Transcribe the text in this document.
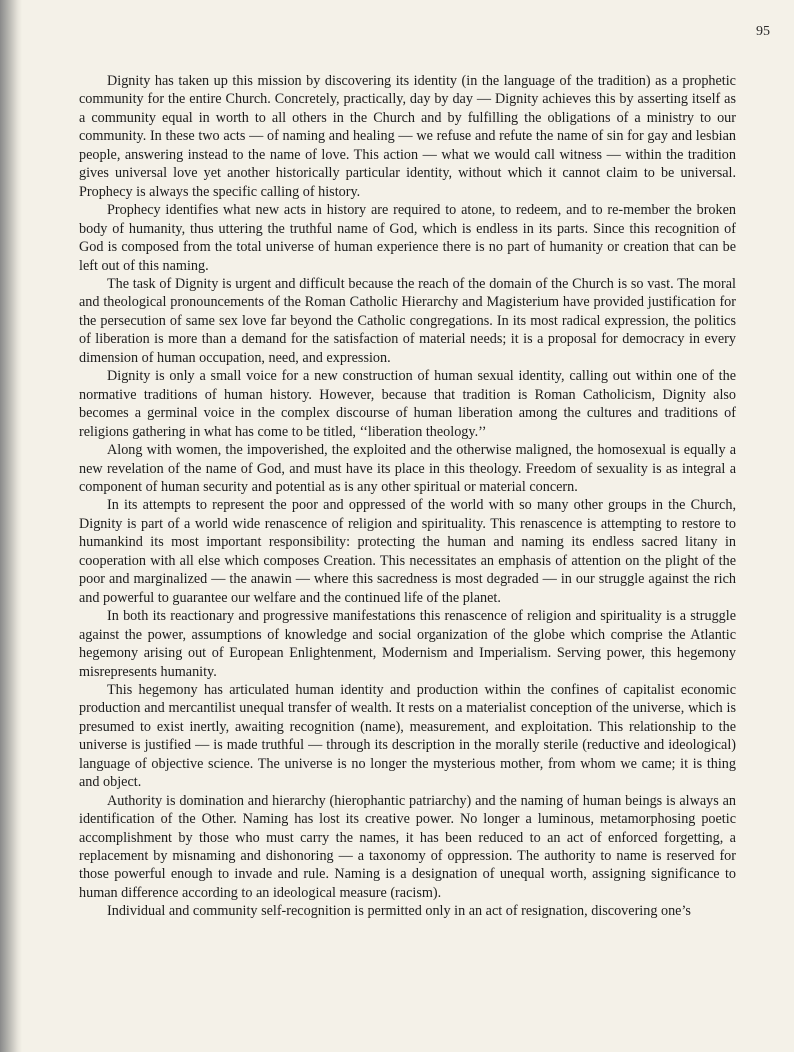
95

Dignity has taken up this mission by discovering its identity (in the language of the tradition) as a prophetic community for the entire Church. Concretely, practically, day by day — Dignity achieves this by asserting itself as a community equal in worth to all others in the Church and by fulfilling the obligations of a ministry to our community. In these two acts — of naming and healing — we refuse and refute the name of sin for gay and lesbian people, answering instead to the name of love. This action — what we would call witness — within the tradition gives universal love yet another historically particular identity, without which it cannot claim to be universal. Prophecy is always the specific calling of history.

Prophecy identifies what new acts in history are required to atone, to redeem, and to re-member the broken body of humanity, thus uttering the truthful name of God, which is endless in its parts. Since this recognition of God is composed from the total universe of human experience there is no part of humanity or creation that can be left out of this naming.

The task of Dignity is urgent and difficult because the reach of the domain of the Church is so vast. The moral and theological pronouncements of the Roman Catholic Hierarchy and Magisterium have provided justification for the persecution of same sex love far beyond the Catholic congregations. In its most radical expression, the politics of liberation is more than a demand for the satisfaction of material needs; it is a proposal for democracy in every dimension of human occupation, need, and expression.

Dignity is only a small voice for a new construction of human sexual identity, calling out within one of the normative traditions of human history. However, because that tradition is Roman Catholicism, Dignity also becomes a germinal voice in the complex discourse of human liberation among the cultures and traditions of religions gathering in what has come to be titled, ‘‘liberation theology.’’

Along with women, the impoverished, the exploited and the otherwise maligned, the homosexual is equally a new revelation of the name of God, and must have its place in this theology. Freedom of sexuality is as integral a component of human security and potential as is any other spiritual or material concern.

In its attempts to represent the poor and oppressed of the world with so many other groups in the Church, Dignity is part of a world wide renascence of religion and spirituality. This renascence is attempting to restore to humankind its most important responsibility: protecting the human and naming its endless sacred litany in cooperation with all else which composes Creation. This necessitates an emphasis of attention on the plight of the poor and marginalized — the anawin — where this sacredness is most degraded — in our struggle against the rich and powerful to guarantee our welfare and the continued life of the planet.

In both its reactionary and progressive manifestations this renascence of religion and spirituality is a struggle against the power, assumptions of knowledge and social organization of the globe which comprise the Atlantic hegemony arising out of European Enlightenment, Modernism and Imperialism. Serving power, this hegemony misrepresents humanity.

This hegemony has articulated human identity and production within the confines of capitalist economic production and mercantilist unequal transfer of wealth. It rests on a materialist conception of the universe, which is presumed to exist inertly, awaiting recognition (name), measurement, and exploitation. This relationship to the universe is justified — is made truthful — through its description in the morally sterile (reductive and ideological) language of objective science. The universe is no longer the mysterious mother, from whom we came; it is thing and object.

Authority is domination and hierarchy (hierophantic patriarchy) and the naming of human beings is always an identification of the Other. Naming has lost its creative power. No longer a luminous, metamorphosing poetic accomplishment by those who must carry the names, it has been reduced to an act of enforced forgetting, a replacement by misnaming and dishonoring — a taxonomy of oppression. The authority to name is reserved for those powerful enough to invade and rule. Naming is a designation of unequal worth, assigning significance to human difference according to an ideological measure (racism).

Individual and community self-recognition is permitted only in an act of resignation, discovering one’s
